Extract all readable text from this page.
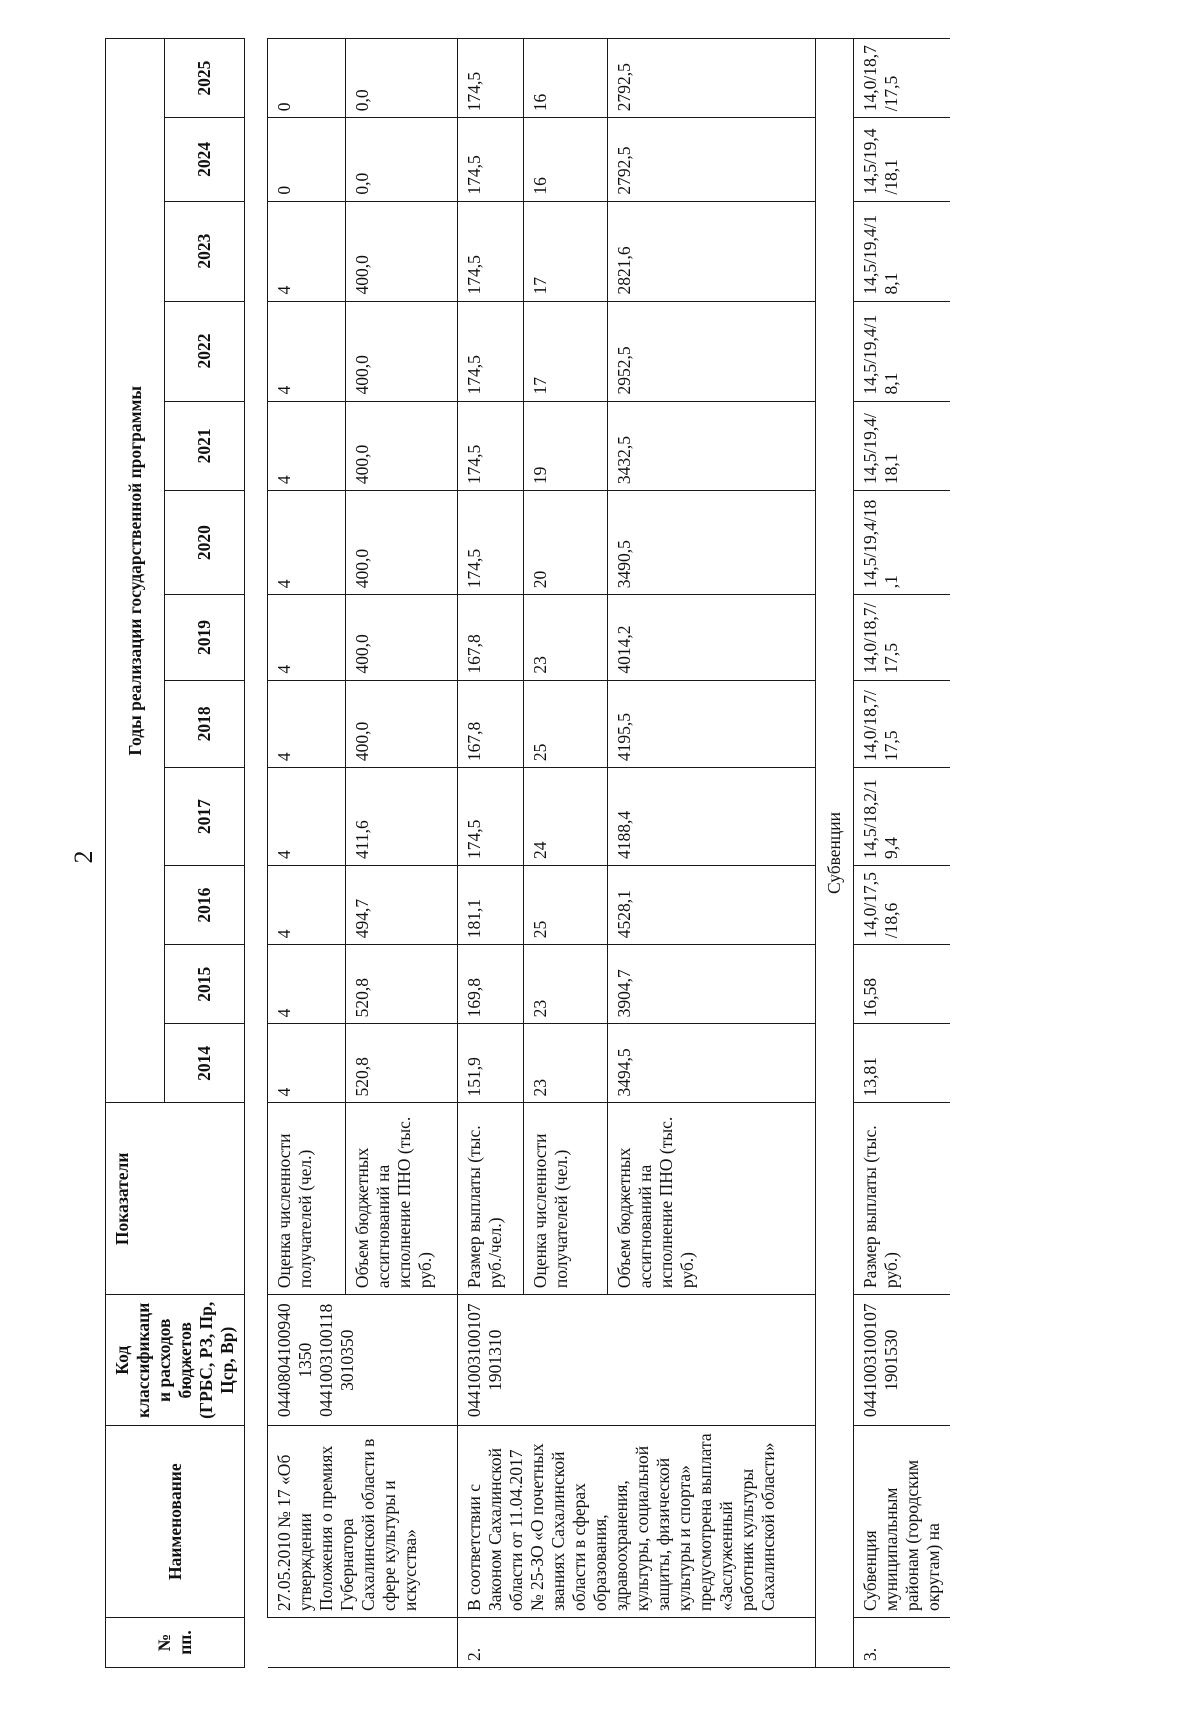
2
№ пп.	Наименование	Код классификации расходов бюджетов (ГРБС, РЗ, Пр, Цср, Вр)	Показатели	Годы реализации государственной программы											
				2014	2015	2016	2017	2018	2019	2020	2021	2022	2023	2024	2025
	27.05.2010 № 17 «Об утверждении Положения о премиях Губернатора Сахалинской области в сфере культуры и искусства»	04408041009401350 04410031001183010350	Оценка численности получателей (чел.)	4	4	4	4	4	4	4	4	4	4	0	0
			Объем бюджетных ассигнований на исполнение ПНО (тыс. руб.)	520,8	520,8	494,7	411,6	400,0	400,0	400,0	400,0	400,0	400,0	0,0	0,0
2.	В соответствии с Законом Сахалинской области от 11.04.2017 № 25-ЗО «О почетных званиях Сахалинской области в сферах образования, здравоохранения, культуры, социальной защиты, физической культуры и спорта» предусмотрена выплата «Заслуженный работник культуры Сахалинской области»	04410031001071901310	Размер выплаты (тыс. руб./чел.)	151,9	169,8	181,1	174,5	167,8	167,8	174,5	174,5	174,5	174,5	174,5	174,5
			Оценка численности получателей (чел.)	23	23	25	24	25	23	20	19	17	17	16	16
			Объем бюджетных ассигнований на исполнение ПНО (тыс. руб.)	3494,5	3904,7	4528,1	4188,4	4195,5	4014,2	3490,5	3432,5	2952,5	2821,6	2792,5	2792,5
Субвенции															
3.	Субвенция муниципальным районам (городским округам) на	04410031001071901530	Размер выплаты (тыс. руб.)	13,81	16,58	14,0/17,5/18,6	14,5/18,2/19,4	14,0/18,7/17,5	14,0/18,7/17,5	14,5/19,4/18,1	14,5/19,4/18,1	14,5/19,4/18,1	14,5/19,4/18,1	14,5/19,4/18,1	14,0/18,7/17,5
